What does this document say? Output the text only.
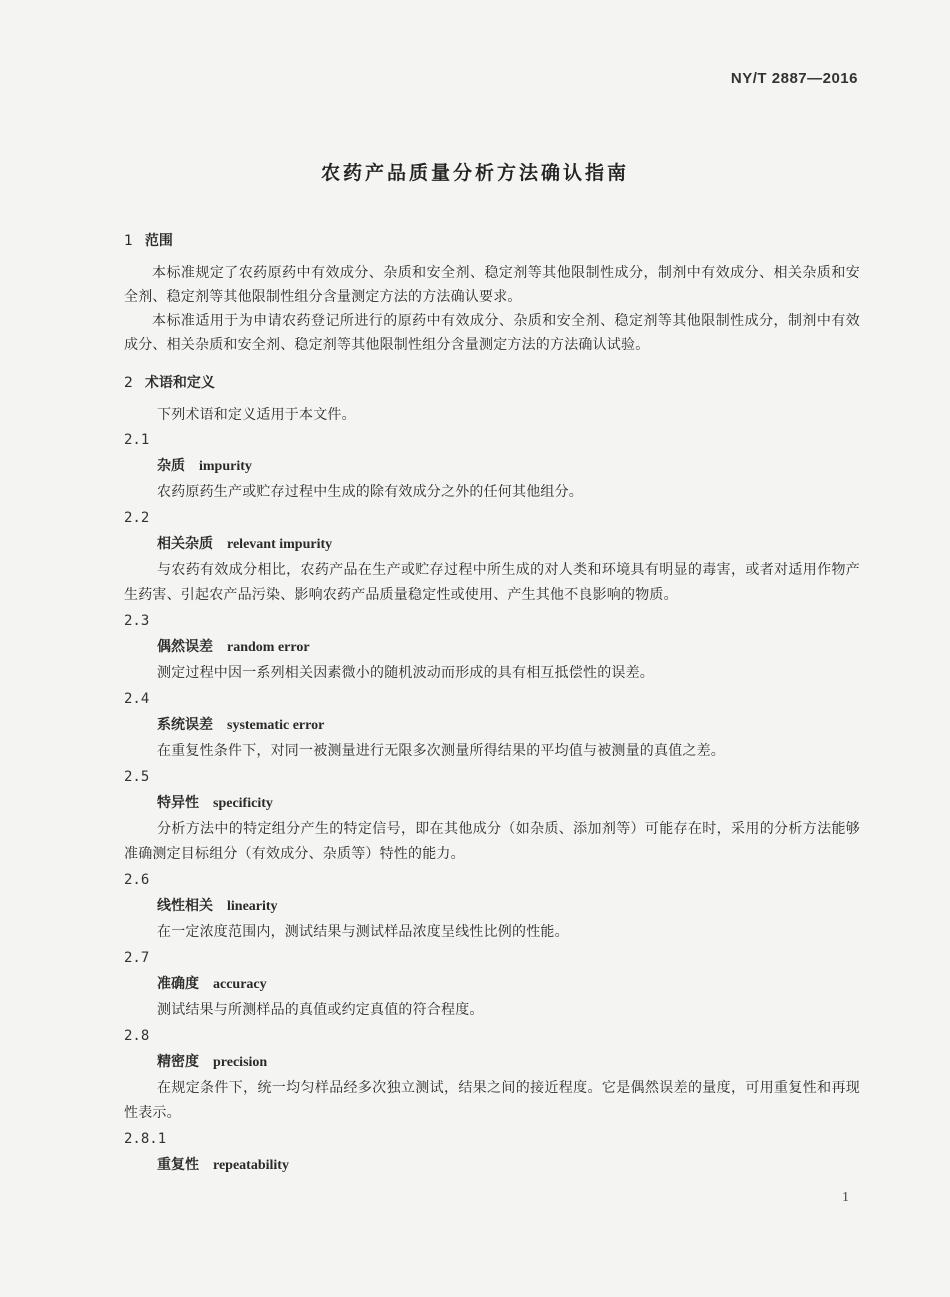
NY/T 2887—2016
农药产品质量分析方法确认指南

1 范围

本标准规定了农药原药中有效成分、杂质和安全剂、稳定剂等其他限制性成分，制剂中有效成分、相关杂质和安全剂、稳定剂等其他限制性组分含量测定方法的方法确认要求。

本标准适用于为申请农药登记所进行的原药中有效成分、杂质和安全剂、稳定剂等其他限制性成分，制剂中有效成分、相关杂质和安全剂、稳定剂等其他限制性组分含量测定方法的方法确认试验。

2 术语和定义

下列术语和定义适用于本文件。

2.1

杂质 impurity

农药原药生产或贮存过程中生成的除有效成分之外的任何其他组分。

2.2

相关杂质 relevant impurity

与农药有效成分相比，农药产品在生产或贮存过程中所生成的对人类和环境具有明显的毒害，或者对适用作物产生药害、引起农产品污染、影响农药产品质量稳定性或使用、产生其他不良影响的物质。

2.3

偶然误差 random error

测定过程中因一系列相关因素微小的随机波动而形成的具有相互抵偿性的误差。

2.4

系统误差 systematic error

在重复性条件下，对同一被测量进行无限多次测量所得结果的平均值与被测量的真值之差。

2.5

特异性 specificity

分析方法中的特定组分产生的特定信号，即在其他成分（如杂质、添加剂等）可能存在时，采用的分析方法能够准确测定目标组分（有效成分、杂质等）特性的能力。

2.6

线性相关 linearity

在一定浓度范围内，测试结果与测试样品浓度呈线性比例的性能。

2.7

准确度 accuracy

测试结果与所测样品的真值或约定真值的符合程度。

2.8

精密度 precision

在规定条件下，统一均匀样品经多次独立测试，结果之间的接近程度。它是偶然误差的量度，可用重复性和再现性表示。

2.8.1

重复性 repeatability

1
